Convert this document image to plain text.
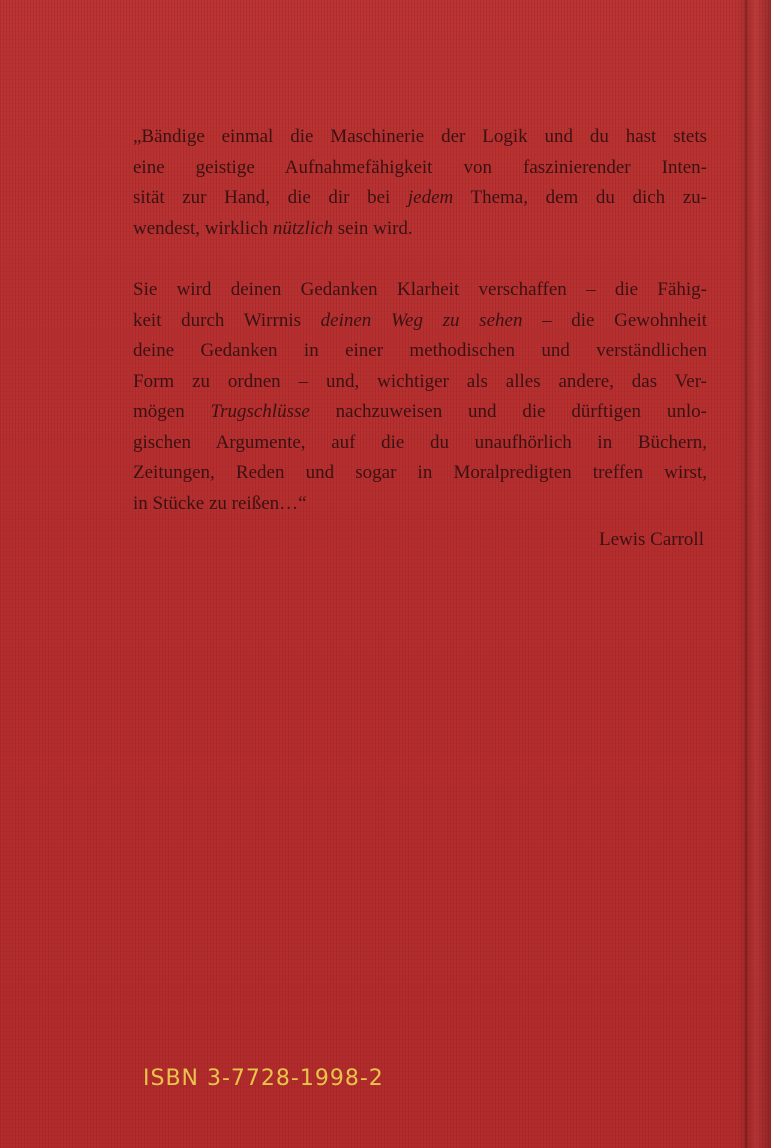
„Bändige einmal die Maschinerie der Logik und du hast stets
eine geistige Aufnahmefähigkeit von faszinierender Inten-
sität zur Hand, die dir bei jedem Thema, dem du dich zu-
wendest, wirklich nützlich sein wird.

Sie wird deinen Gedanken Klarheit verschaffen – die Fähig-
keit durch Wirrnis deinen Weg zu sehen – die Gewohnheit
deine Gedanken in einer methodischen und verständlichen
Form zu ordnen – und, wichtiger als alles andere, das Ver-
mögen Trugschlüsse nachzuweisen und die dürftigen unlo-
gischen Argumente, auf die du unaufhörlich in Büchern,
Zeitungen, Reden und sogar in Moralpredigten treffen wirst,
in Stücke zu reißen…“

Lewis Carroll
ISBN 3-7728-1998-2
